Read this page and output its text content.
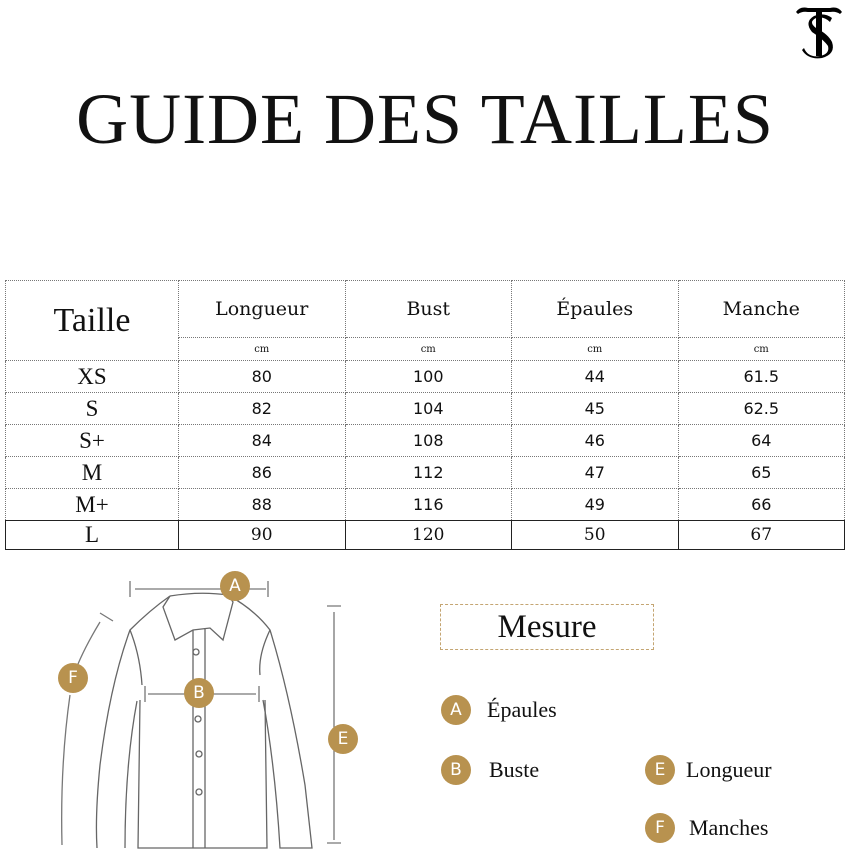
GUIDE DES TAILLES
Taille	Longueur	Bust	Épaules	Manche
	cm	cm	cm	cm
XS	80	100	44	61.5
S	82	104	45	62.5
S+	84	108	46	64
M	86	112	47	65
M+	88	116	49	66
L	90	120	50	67
A
B
E
F
Mesure
A	Épaules
B	Buste	E Longueur
F	Manches
